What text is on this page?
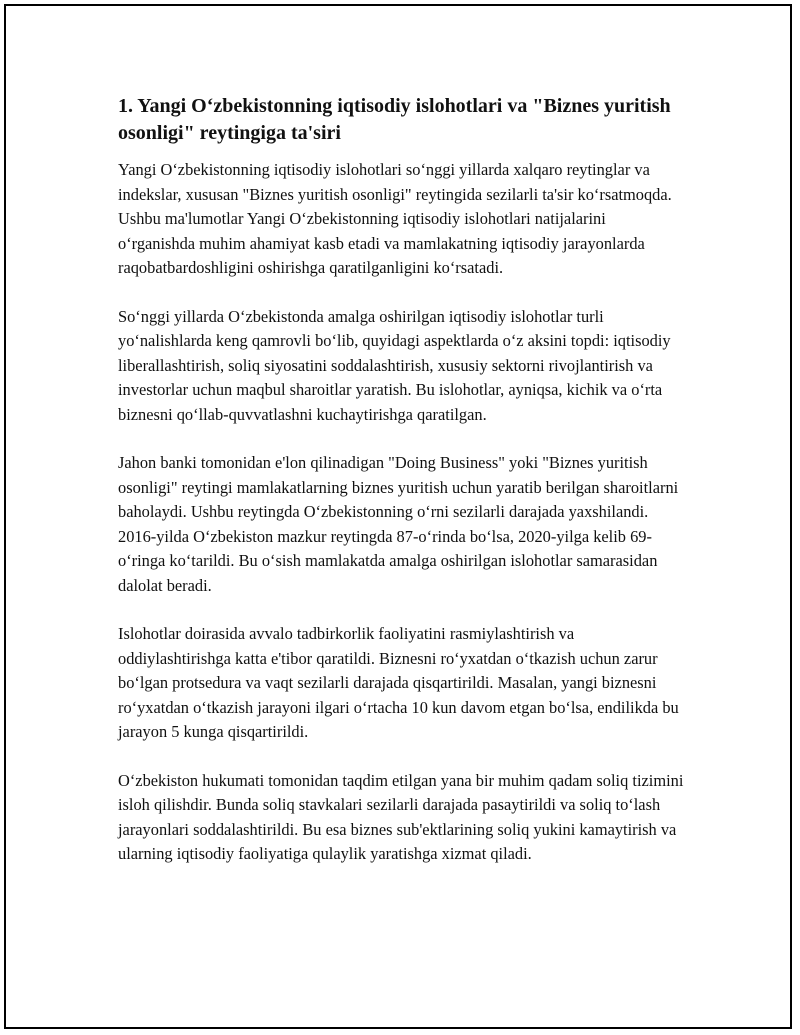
1. Yangi O‘zbekistonning iqtisodiy islohotlari va "Biznes yuritish osonligi" reytingiga ta'siri

Yangi O‘zbekistonning iqtisodiy islohotlari so‘nggi yillarda xalqaro reytinglar va indekslar, xususan "Biznes yuritish osonligi" reytingida sezilarli ta'sir ko‘rsatmoqda. Ushbu ma'lumotlar Yangi O‘zbekistonning iqtisodiy islohotlari natijalarini o‘rganishda muhim ahamiyat kasb etadi va mamlakatning iqtisodiy jarayonlarda raqobatbardoshligini oshirishga qaratilganligini ko‘rsatadi.

So‘nggi yillarda O‘zbekistonda amalga oshirilgan iqtisodiy islohotlar turli yo‘nalishlarda keng qamrovli bo‘lib, quyidagi aspektlarda o‘z aksini topdi: iqtisodiy liberallashtirish, soliq siyosatini soddalashtirish, xususiy sektorni rivojlantirish va investorlar uchun maqbul sharoitlar yaratish. Bu islohotlar, ayniqsa, kichik va o‘rta biznesni qo‘llab-quvvatlashni kuchaytirishga qaratilgan.

Jahon banki tomonidan e'lon qilinadigan "Doing Business" yoki "Biznes yuritish osonligi" reytingi mamlakatlarning biznes yuritish uchun yaratib berilgan sharoitlarni baholaydi. Ushbu reytingda O‘zbekistonning o‘rni sezilarli darajada yaxshilandi. 2016-yilda O‘zbekiston mazkur reytingda 87-o‘rinda bo‘lsa, 2020-yilga kelib 69-o‘ringa ko‘tarildi. Bu o‘sish mamlakatda amalga oshirilgan islohotlar samarasidan dalolat beradi.

Islohotlar doirasida avvalo tadbirkorlik faoliyatini rasmiylashtirish va oddiylashtirishga katta e'tibor qaratildi. Biznesni ro‘yxatdan o‘tkazish uchun zarur bo‘lgan protsedura va vaqt sezilarli darajada qisqartirildi. Masalan, yangi biznesni ro‘yxatdan o‘tkazish jarayoni ilgari o‘rtacha 10 kun davom etgan bo‘lsa, endilikda bu jarayon 5 kunga qisqartirildi.

O‘zbekiston hukumati tomonidan taqdim etilgan yana bir muhim qadam soliq tizimini isloh qilishdir. Bunda soliq stavkalari sezilarli darajada pasaytirildi va soliq to‘lash jarayonlari soddalashtirildi. Bu esa biznes sub'ektlarining soliq yukini kamaytirish va ularning iqtisodiy faoliyatiga qulaylik yaratishga xizmat qiladi.
